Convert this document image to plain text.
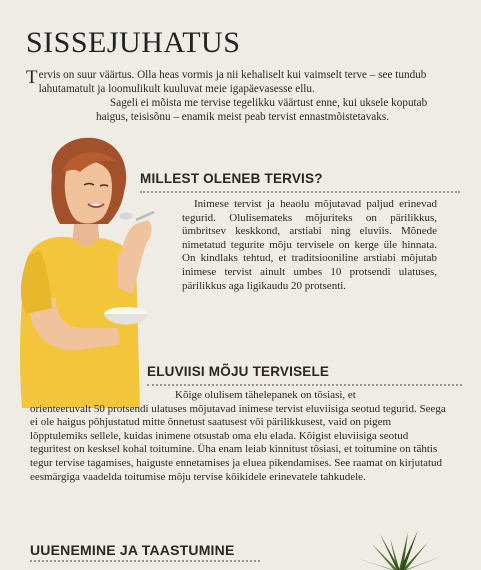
SISSEJUHATUS

Tervis on suur väärtus. Olla heas vormis ja nii kehaliselt kui vaimselt terve – see tundub lahutamatult ja loomulikult kuuluvat meie igapäevasesse ellu.

Sageli ei mõista me tervise tegelikku väärtust enne, kui uksele koputab haigus, teisisõnu – enamik meist peab tervist ennastmõistetavaks.

MILLEST OLENEB TERVIS?

Inimese tervist ja heaolu mõjutavad paljud erinevad tegurid. Olulisemateks mõjuriteks on pärilikkus, ümbritsev keskkond, arstiabi ning eluviis. Mõnede nimetatud tegurite mõju tervisele on kerge üle hinnata. On kindlaks tehtud, et traditsiooniline arstiabi mõjutab inimese tervist ainult umbes 10 protsendi ulatuses, pärilikkus aga ligikaudu 20 protsenti.

ELUVIISI MÕJU TERVISELE

Kõige olulisem tähelepanek on tõsiasi, et

orienteeruvalt 50 protsendi ulatuses mõjutavad inimese tervist eluviisiga seotud tegurid. Seega ei ole haigus põhjustatud mitte õnnetust saatusest või pärilikkusest, vaid on pigem lõpptulemiks sellele, kuidas inimene otsustab oma elu elada. Kõigist eluviisiga seotud teguritest on kesksel kohal toitumine. Üha enam leiab kinnitust tõsiasi, et toitumine on tähtis tegur tervise tagamises, haiguste ennetamises ja eluea pikendamises. See raamat on kirjutatud eesmärgiga vaadelda toitumise mõju tervise kõikidele erinevatele tahkudele.

UUENEMINE JA TAASTUMINE
